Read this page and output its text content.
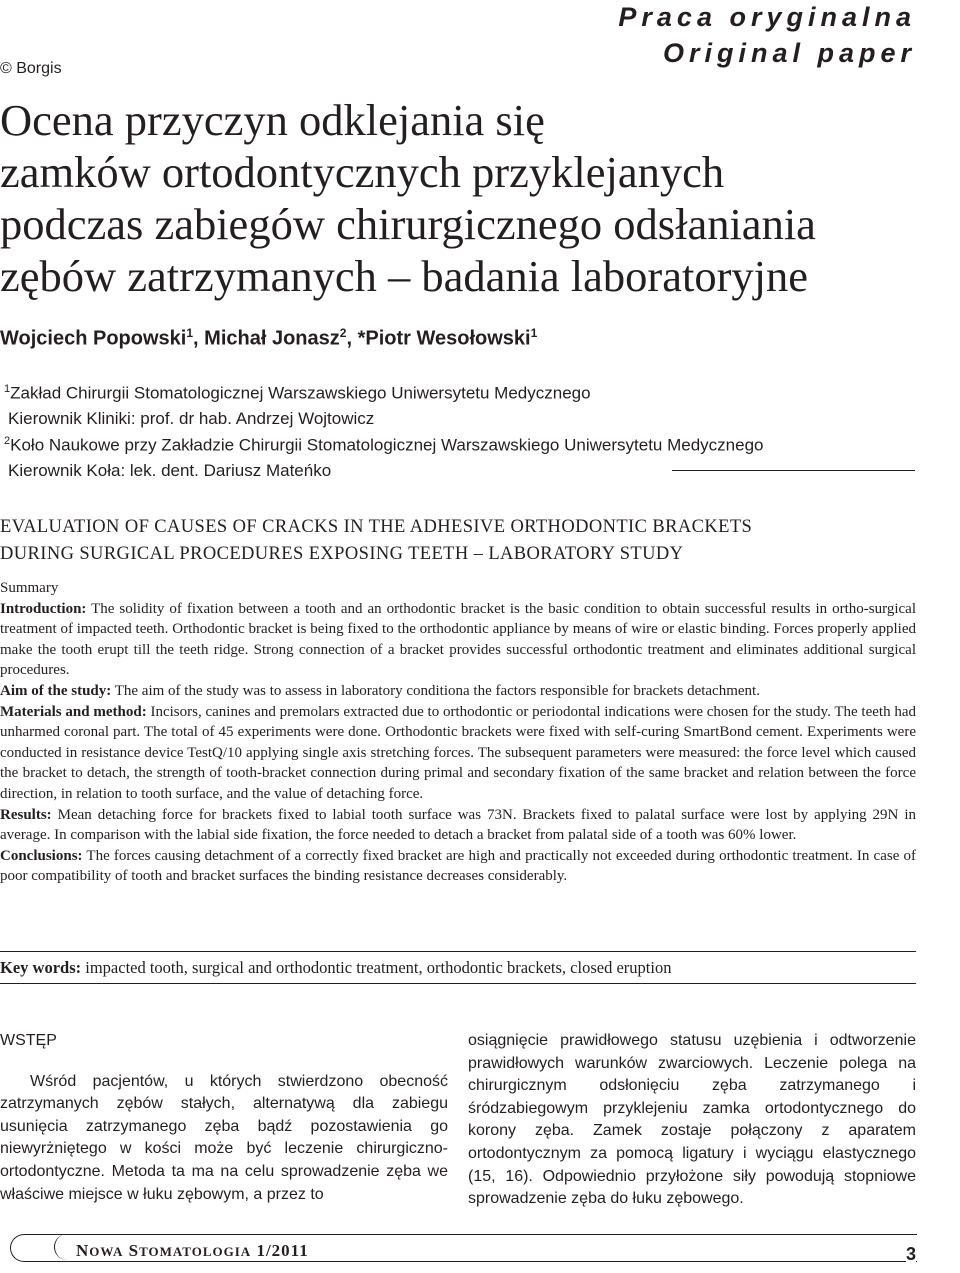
Praca oryginalna
Original paper
© Borgis
Ocena przyczyn odklejania się
zamków ortodontycznych przyklejanych
podczas zabiegów chirurgicznego odsłaniania
zębów zatrzymanych – badania laboratoryjne
Wojciech Popowski$^1$, Michał Jonasz$^2$, *Piotr Wesołowski$^1$
$^1$Zakład Chirurgii Stomatologicznej Warszawskiego Uniwersytetu Medycznego
Kierownik Kliniki: prof. dr hab. Andrzej Wojtowicz
$^2$Koło Naukowe przy Zakładzie Chirurgii Stomatologicznej Warszawskiego Uniwersytetu Medycznego
Kierownik Koła: lek. dent. Dariusz Mateńko
EVALUATION OF CAUSES OF CRACKS IN THE ADHESIVE ORTHODONTIC BRACKETS
DURING SURGICAL PROCEDURES EXPOSING TEETH – LABORATORY STUDY

Summary

Introduction: The solidity of fixation between a tooth and an orthodontic bracket is the basic condition to obtain successful results in ortho-surgical treatment of impacted teeth. Orthodontic bracket is being fixed to the orthodontic appliance by means of wire or elastic binding. Forces properly applied make the tooth erupt till the teeth ridge. Strong connection of a bracket provides successful orthodontic treatment and eliminates additional surgical procedures.

Aim of the study: The aim of the study was to assess in laboratory conditiona the factors responsible for brackets detachment.

Materials and method: Incisors, canines and premolars extracted due to orthodontic or periodontal indications were chosen for the study. The teeth had unharmed coronal part. The total of 45 experiments were done. Orthodontic brackets were fixed with self-curing SmartBond cement. Experiments were conducted in resistance device TestQ/10 applying single axis stretching forces. The subsequent parameters were measured: the force level which caused the bracket to detach, the strength of tooth-bracket connection during primal and secondary fixation of the same bracket and relation between the force direction, in relation to tooth surface, and the value of detaching force.

Results: Mean detaching force for brackets fixed to labial tooth surface was 73N. Brackets fixed to palatal surface were lost by applying 29N in average. In comparison with the labial side fixation, the force needed to detach a bracket from palatal side of a tooth was 60% lower.

Conclusions: The forces causing detachment of a correctly fixed bracket are high and practically not exceeded during orthodontic treatment. In case of poor compatibility of tooth and bracket surfaces the binding resistance decreases considerably.

Key words: impacted tooth, surgical and orthodontic treatment, orthodontic brackets, closed eruption

WSTĘP

Wśród pacjentów, u których stwierdzono obecność zatrzymanych zębów stałych, alternatywą dla zabiegu usunięcia zatrzymanego zęba bądź pozostawienia go niewyrżniętego w kości może być leczenie chirurgiczno-ortodontyczne. Metoda ta ma na celu sprowadzenie zęba we właściwe miejsce w łuku zębowym, a przez to

osiągnięcie prawidłowego statusu uzębienia i odtworzenie prawidłowych warunków zwarciowych. Leczenie polega na chirurgicznym odsłonięciu zęba zatrzymanego i śródzabiegowym przyklejeniu zamka ortodontycznego do korony zęba. Zamek zostaje połączony z aparatem ortodontycznym za pomocą ligatury i wyciągu elastycznego (15, 16). Odpowiednio przyłożone siły powodują stopniowe sprowadzenie zęba do łuku zębowego.

NOWA STOMATOLOGIA 1/2011	3
